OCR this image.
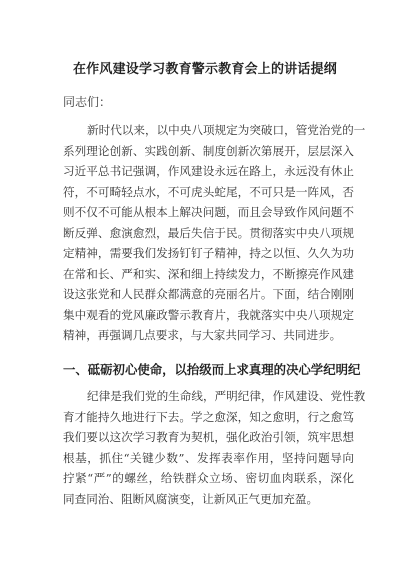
在作风建设学习教育警示教育会上的讲话提纲
同志们：
新时代以来，以中央八项规定为突破口，管党治党的一
系列理论创新、实践创新、制度创新次第展开，层层深入
习近平总书记强调，作风建设永远在路上，永远没有休止
符，不可畸轻点水，不可虎头蛇尾，不可只是一阵风，否
则不仅不可能从根本上解决问题，而且会导致作风问题不
断反弹、愈演愈烈，最后失信于民。贯彻落实中央八项规
定精神，需要我们发扬钉钉子精神，持之以恒、久久为功
在常和长、严和实、深和细上持续发力，不断擦亮作风建
设这张党和人民群众都满意的亮丽名片。下面，结合刚刚
集中观看的党风廉政警示教育片，我就落实中央八项规定
精神，再强调几点要求，与大家共同学习、共同进步。
一、砥砺初心使命，以抬级而上求真理的决心学纪明纪
纪律是我们党的生命线，严明纪律，作风建设、党性教
育才能持久地进行下去。学之愈深，知之愈明，行之愈笃
我们要以这次学习教育为契机，强化政治引领，筑牢思想
根基，抓住“关键少数”、发挥表率作用，坚持问题导向
拧紧“严”的螺丝，给铁群众立场、密切血肉联系，深化
同查同治、阻断风腐演变，让新风正气更加充盈。
